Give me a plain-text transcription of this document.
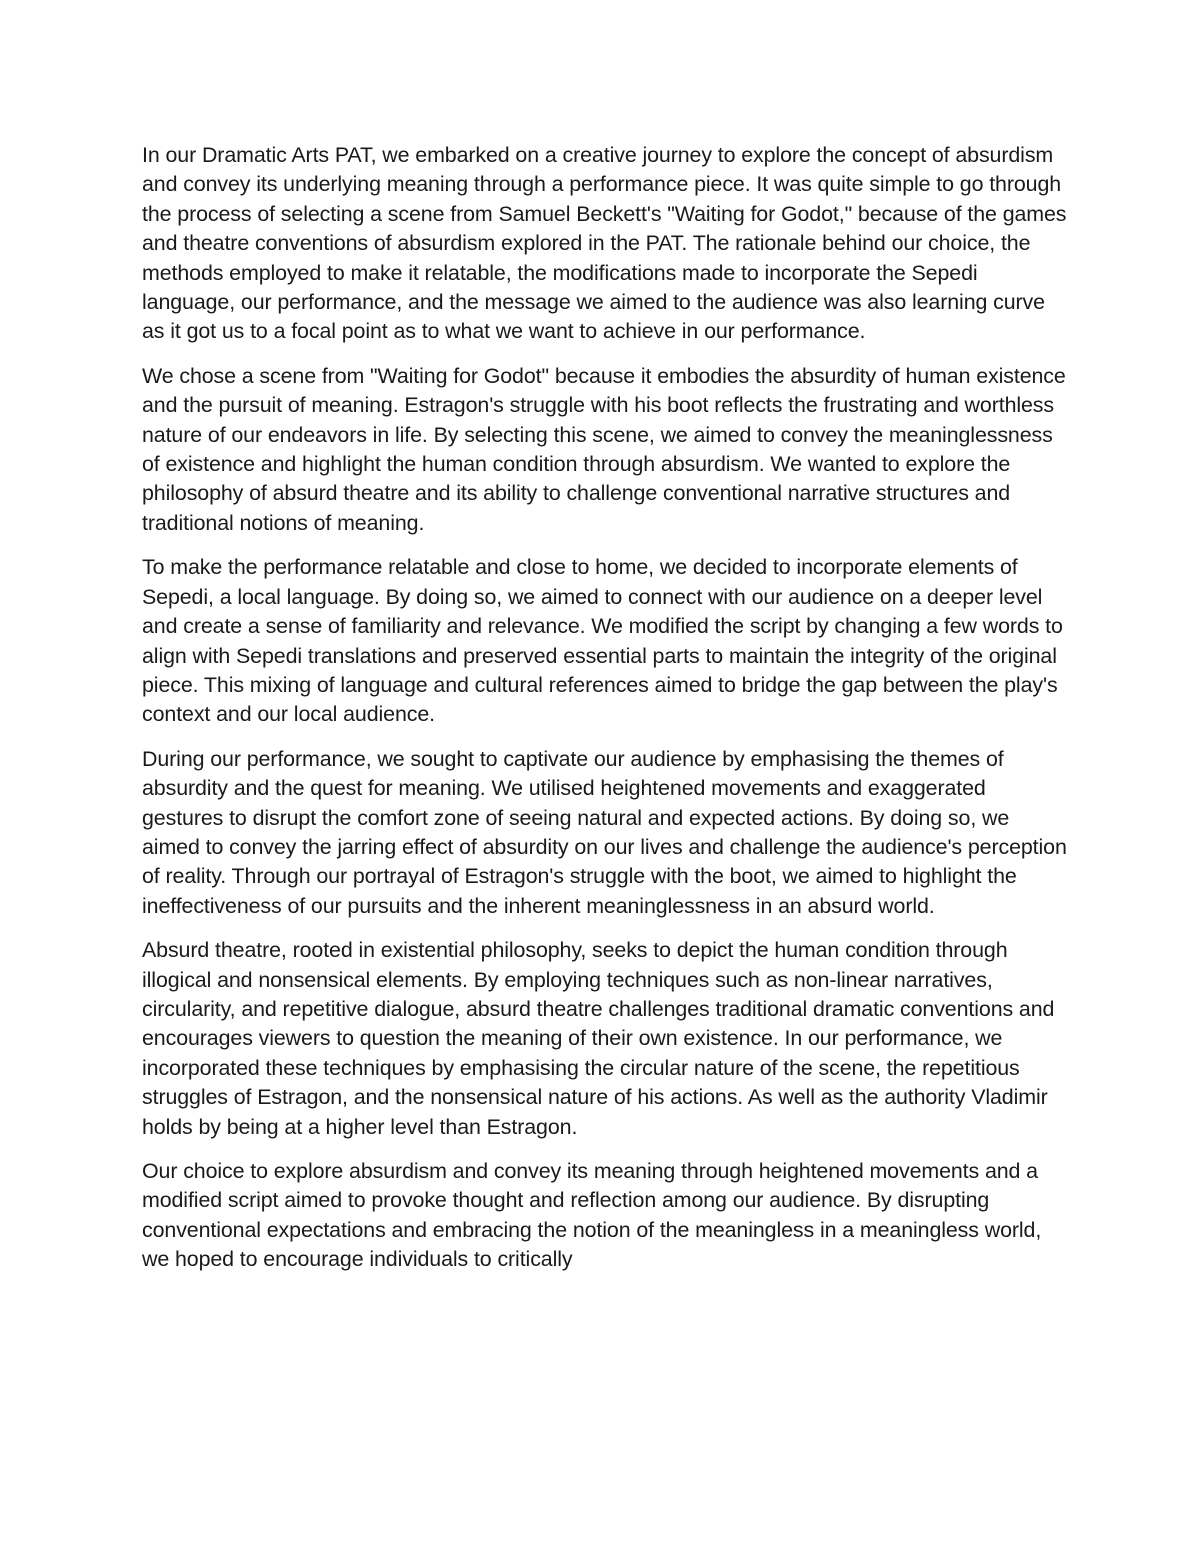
In our Dramatic Arts PAT, we embarked on a creative journey to explore the concept of absurdism and convey its underlying meaning through a performance piece. It was quite simple to go through the process of selecting a scene from Samuel Beckett's "Waiting for Godot," because of the games and theatre conventions of absurdism explored in the PAT. The rationale behind our choice, the methods employed to make it relatable, the modifications made to incorporate the Sepedi language, our performance, and the message we aimed to the audience was also learning curve as it got us to a focal point as to what we want to achieve in our performance.

We chose a scene from "Waiting for Godot" because it embodies the absurdity of human existence and the pursuit of meaning. Estragon's struggle with his boot reflects the frustrating and worthless nature of our endeavors in life. By selecting this scene, we aimed to convey the meaninglessness of existence and highlight the human condition through absurdism. We wanted to explore the philosophy of absurd theatre and its ability to challenge conventional narrative structures and traditional notions of meaning.

To make the performance relatable and close to home, we decided to incorporate elements of Sepedi, a local language. By doing so, we aimed to connect with our audience on a deeper level and create a sense of familiarity and relevance. We modified the script by changing a few words to align with Sepedi translations and preserved essential parts to maintain the integrity of the original piece. This mixing of language and cultural references aimed to bridge the gap between the play's context and our local audience.

During our performance, we sought to captivate our audience by emphasising the themes of absurdity and the quest for meaning. We utilised heightened movements and exaggerated gestures to disrupt the comfort zone of seeing natural and expected actions. By doing so, we aimed to convey the jarring effect of absurdity on our lives and challenge the audience's perception of reality. Through our portrayal of Estragon's struggle with the boot, we aimed to highlight the ineffectiveness of our pursuits and the inherent meaninglessness in an absurd world.

Absurd theatre, rooted in existential philosophy, seeks to depict the human condition through illogical and nonsensical elements. By employing techniques such as non-linear narratives, circularity, and repetitive dialogue, absurd theatre challenges traditional dramatic conventions and encourages viewers to question the meaning of their own existence. In our performance, we incorporated these techniques by emphasising the circular nature of the scene, the repetitious struggles of Estragon, and the nonsensical nature of his actions. As well as the authority Vladimir holds by being at a higher level than Estragon.

Our choice to explore absurdism and convey its meaning through heightened movements and a modified script aimed to provoke thought and reflection among our audience. By disrupting conventional expectations and embracing the notion of the meaningless in a meaningless world, we hoped to encourage individuals to critically
